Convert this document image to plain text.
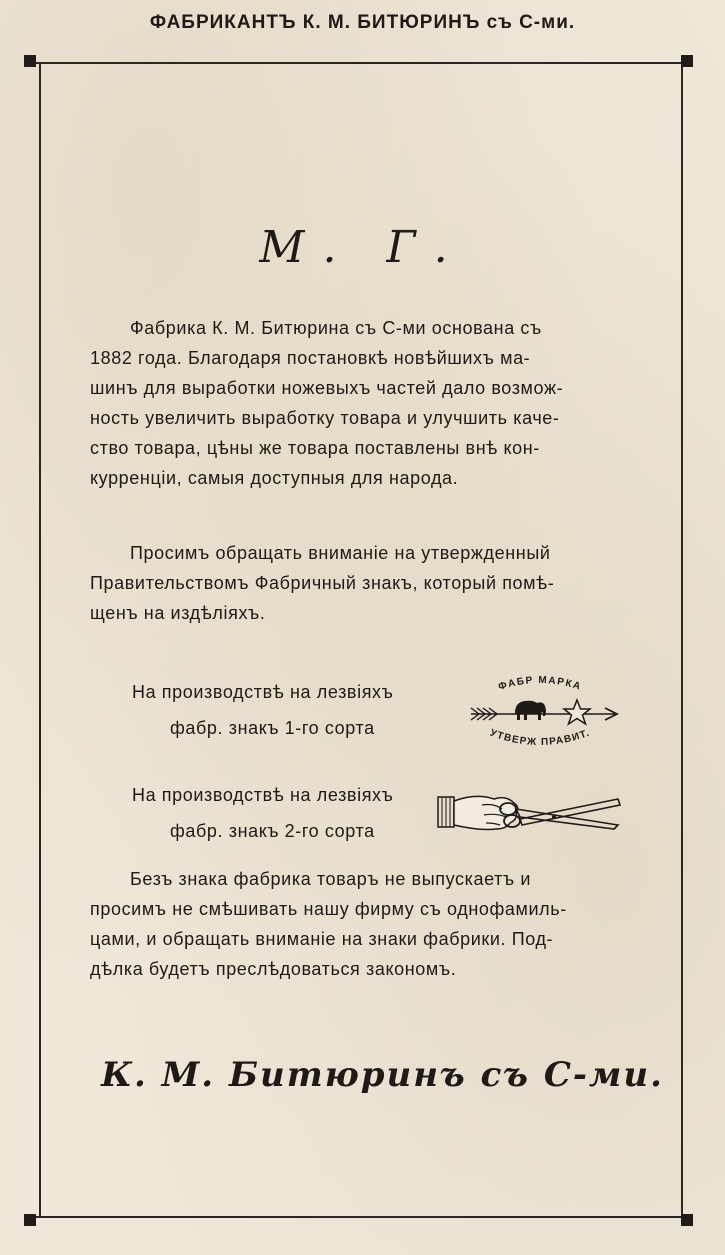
ФАБРИКАНТЪ К. М. БИТЮРИНЪ съ С-ми.
М. Г.
Фабрика К. М. Битюрина съ С-ми основана съ
1882 года. Благодаря постановкѣ новѣйшихъ ма-
шинъ для выработки ножевыхъ частей дало возмож-
ность увеличить выработку товара и улучшить каче-
ство товара, цѣны же товара поставлены внѣ кон-
курренціи, самыя доступныя для народа.
Просимъ обращать вниманіе на утвержденный
Правительствомъ Фабричный знакъ, который помѣ-
щенъ на издѣліяхъ.
На производствѣ на лезвіяхъ
фабр. знакъ 1-го сорта
ФАБР МАРКА
УТВЕРЖ ПРАВИТ.
На производствѣ на лезвіяхъ
фабр. знакъ 2-го сорта
Безъ знака фабрика товаръ не выпускаетъ и
просимъ не смѣшивать нашу фирму съ однофамиль-
цами, и обращать вниманіе на знаки фабрики. Под-
дѣлка будетъ преслѣдоваться закономъ.
К. М. Битюринъ съ С-ми.
